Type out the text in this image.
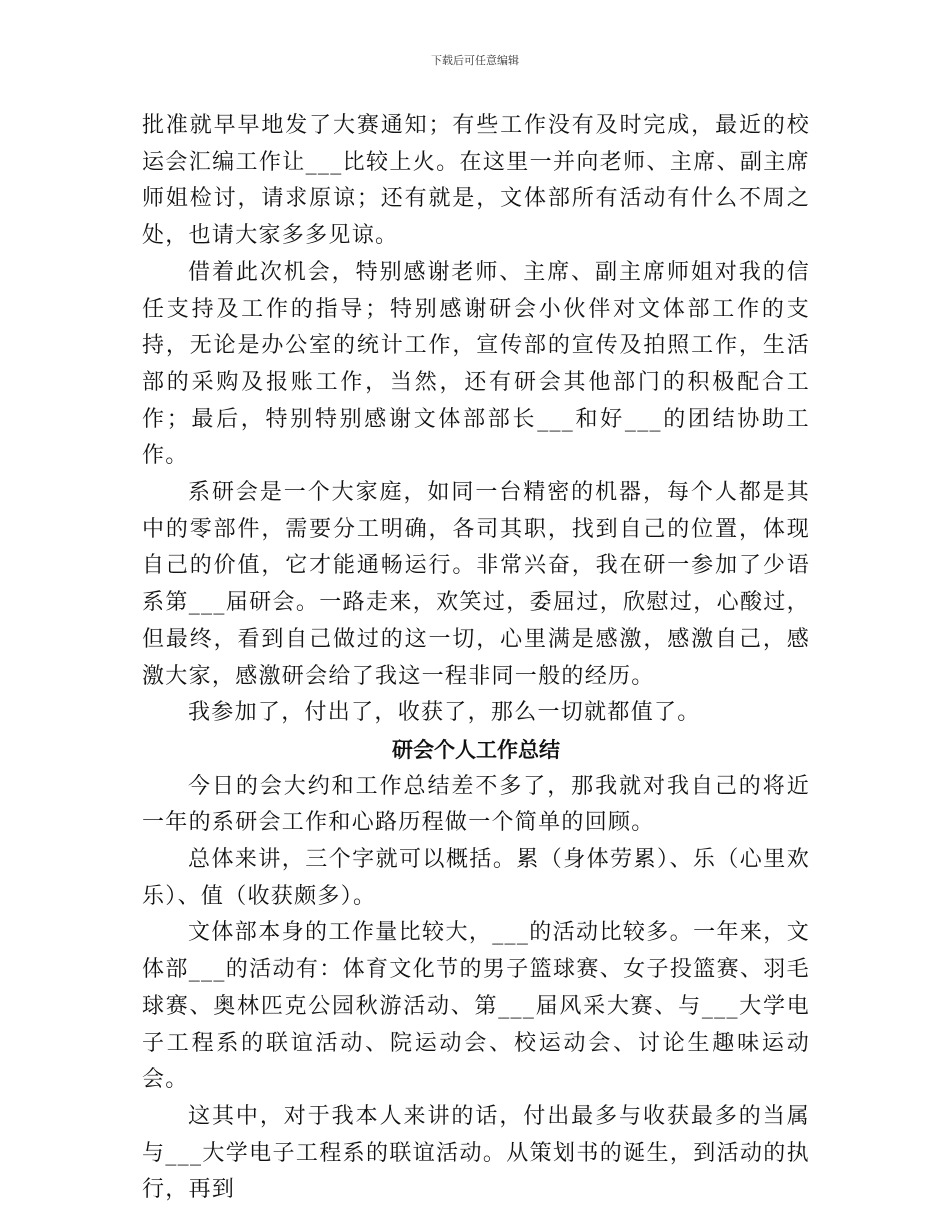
下载后可任意编辑

批准就早早地发了大赛通知；有些工作没有及时完成，最近的校运会汇编工作让___比较上火。在这里一并向老师、主席、副主席师姐检讨，请求原谅；还有就是，文体部所有活动有什么不周之处，也请大家多多见谅。

借着此次机会，特别感谢老师、主席、副主席师姐对我的信任支持及工作的指导；特别感谢研会小伙伴对文体部工作的支持，无论是办公室的统计工作，宣传部的宣传及拍照工作，生活部的采购及报账工作，当然，还有研会其他部门的积极配合工作；最后，特别特别感谢文体部部长___和好___的团结协助工作。

系研会是一个大家庭，如同一台精密的机器，每个人都是其中的零部件，需要分工明确，各司其职，找到自己的位置，体现自己的价值，它才能通畅运行。非常兴奋，我在研一参加了少语系第___届研会。一路走来，欢笑过，委屈过，欣慰过，心酸过，但最终，看到自己做过的这一切，心里满是感激，感激自己，感激大家，感激研会给了我这一程非同一般的经历。

我参加了，付出了，收获了，那么一切就都值了。

研会个人工作总结

今日的会大约和工作总结差不多了，那我就对我自己的将近一年的系研会工作和心路历程做一个简单的回顾。

总体来讲，三个字就可以概括。累（身体劳累）、乐（心里欢乐）、值（收获颇多）。

文体部本身的工作量比较大，___的活动比较多。一年来，文体部___的活动有：体育文化节的男子篮球赛、女子投篮赛、羽毛球赛、奥林匹克公园秋游活动、第___届风采大赛、与___大学电子工程系的联谊活动、院运动会、校运动会、讨论生趣味运动会。

这其中，对于我本人来讲的话，付出最多与收获最多的当属与___大学电子工程系的联谊活动。从策划书的诞生，到活动的执行，再到
